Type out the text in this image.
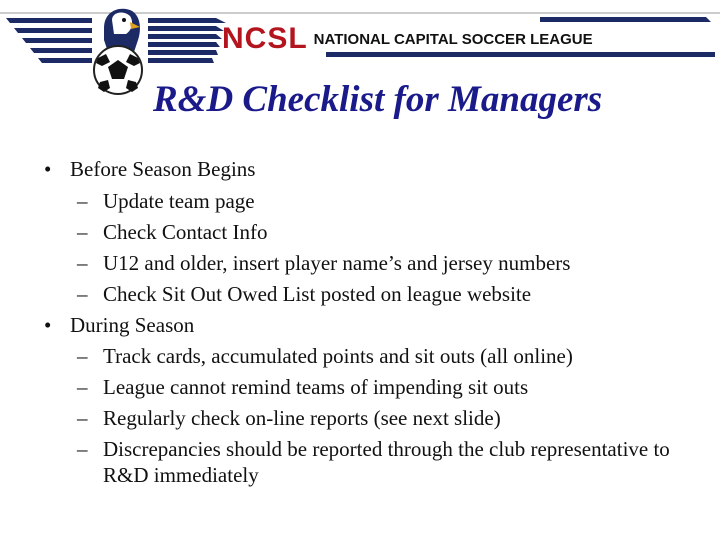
NCSL NATIONAL CAPITAL SOCCER LEAGUE
R&D Checklist for Managers
• Before Season Begins
– Update team page
– Check Contact Info
– U12 and older, insert player name’s and jersey numbers
– Check Sit Out Owed List posted on league website
• During Season
– Track cards, accumulated points and sit outs (all online)
– League cannot remind teams of impending sit outs
– Regularly check on-line reports (see next slide)
– Discrepancies should be reported through the club representative to R&D immediately
